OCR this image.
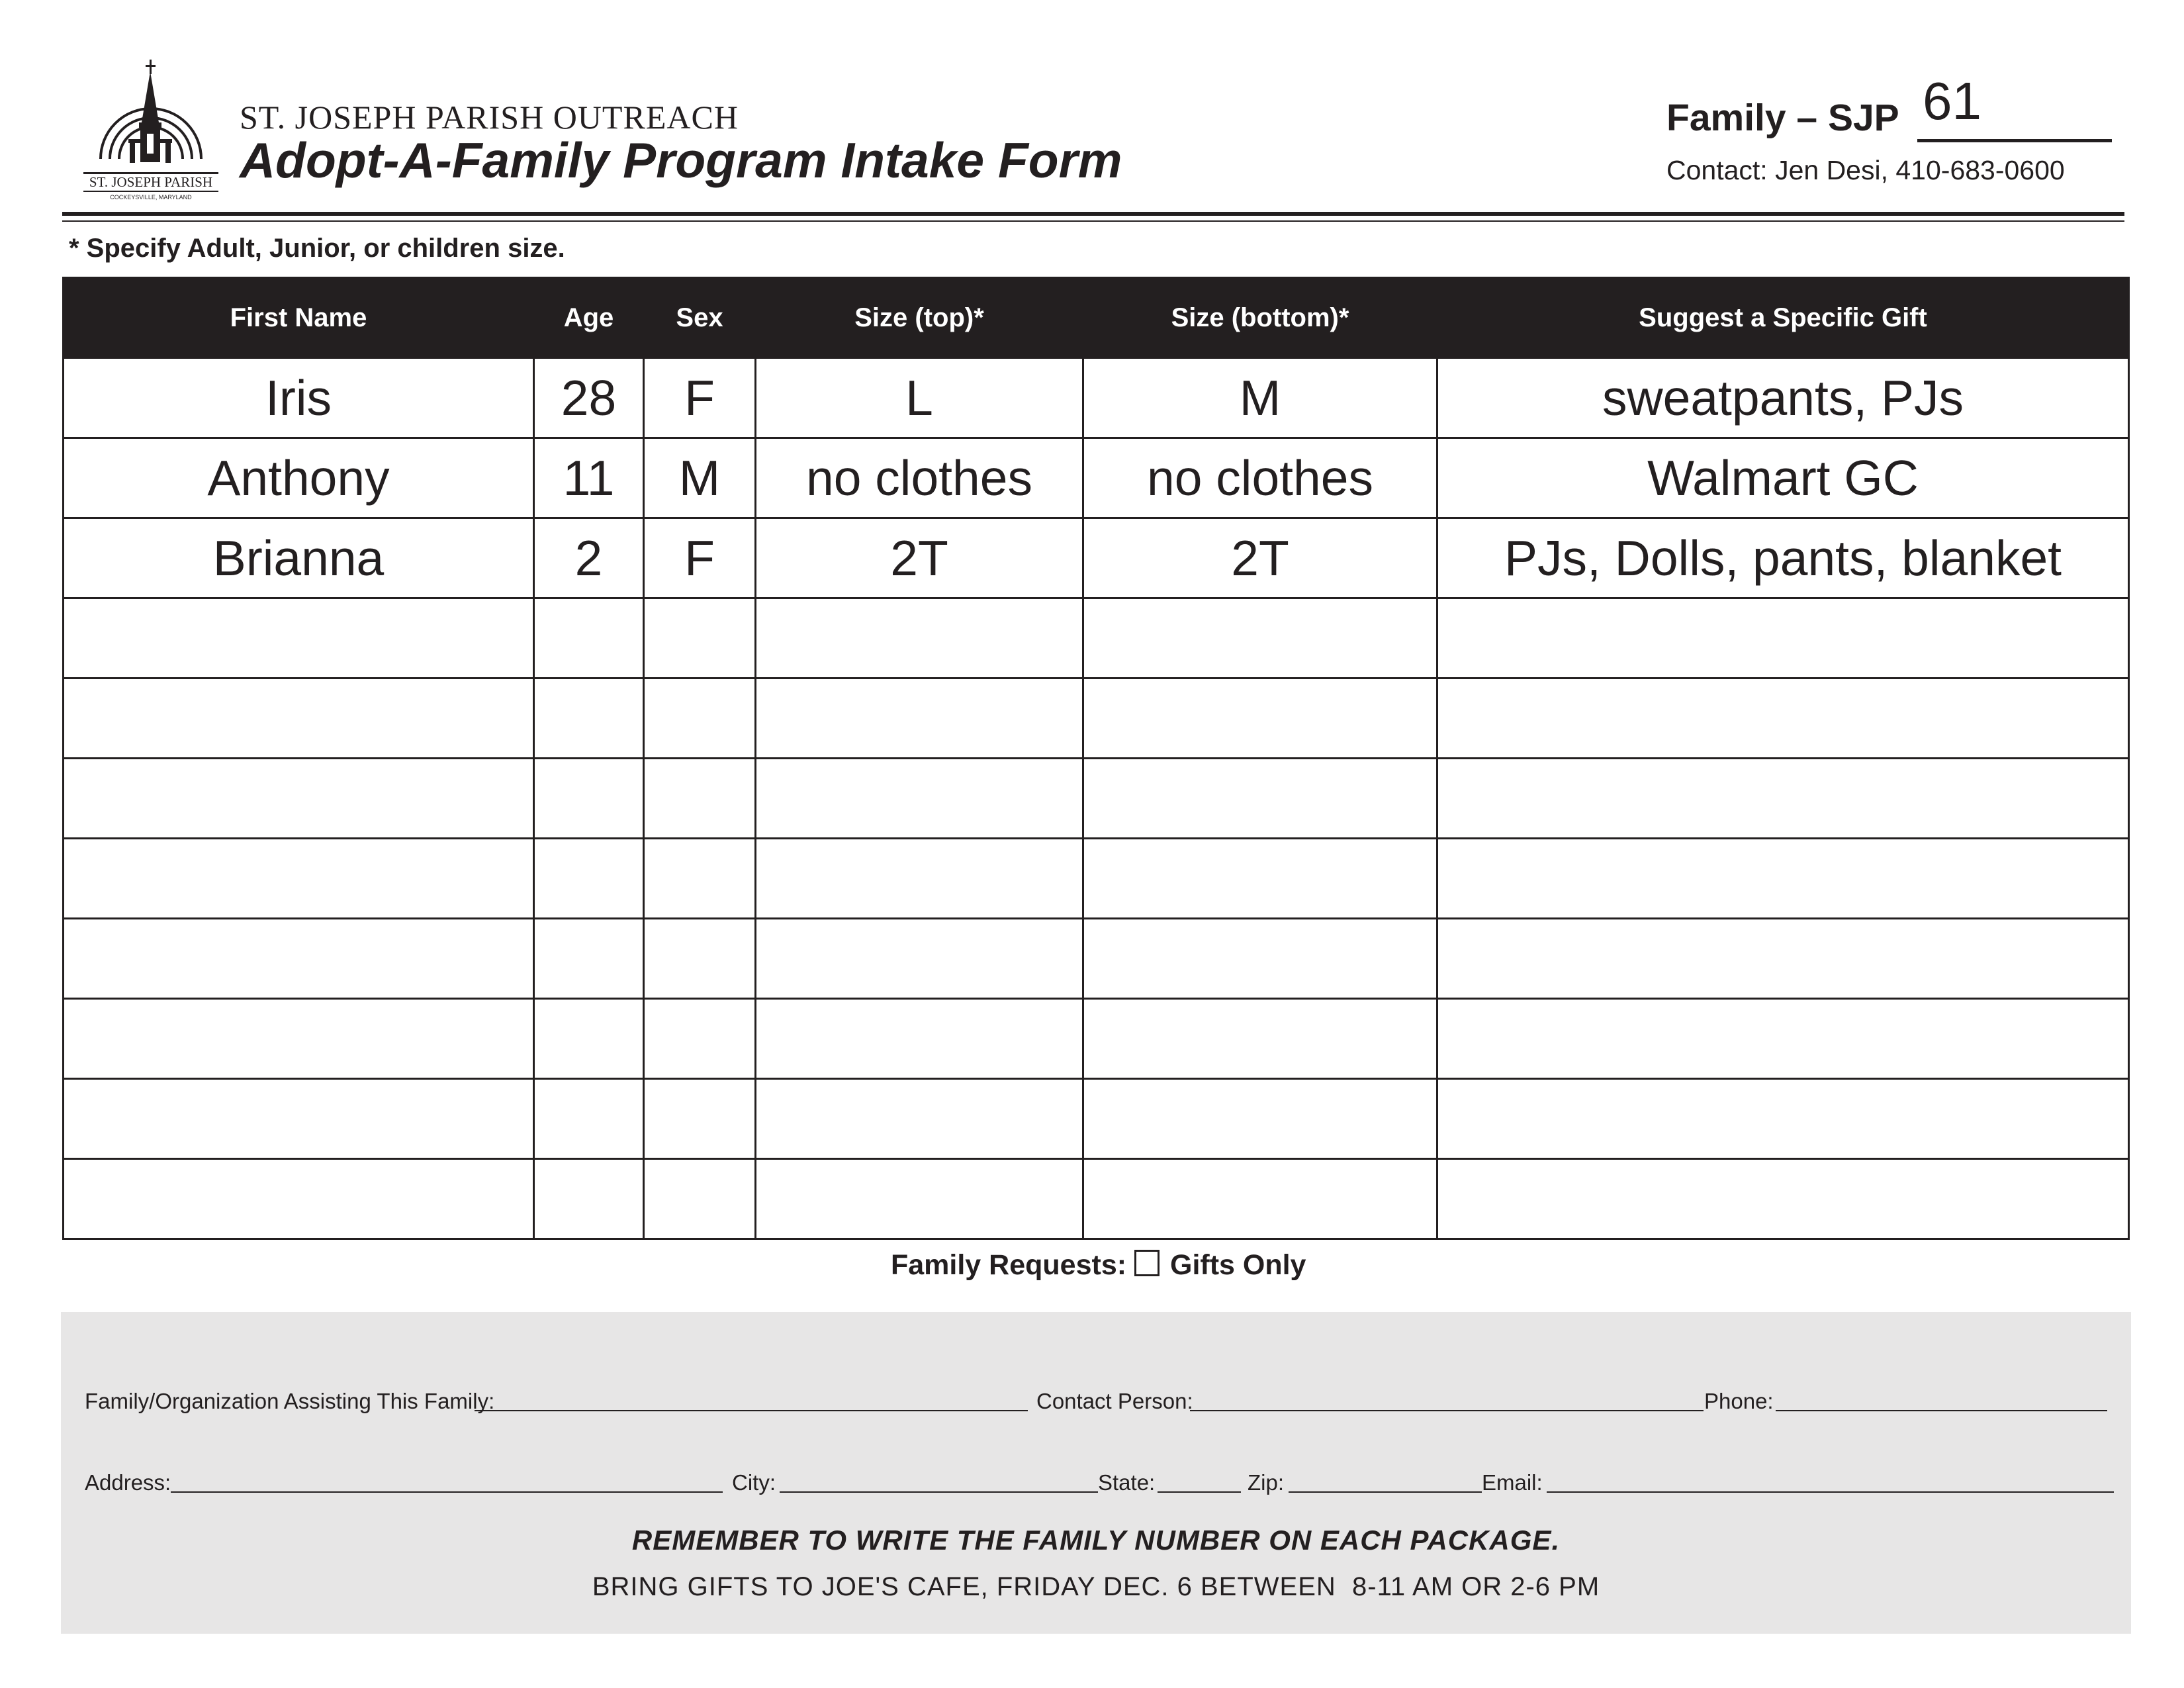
ST. JOSEPH PARISH
COCKEYSVILLE, MARYLAND
ST. JOSEPH PARISH OUTREACH
Adopt-A-Family Program Intake Form
Family – SJP 61
Contact: Jen Desi, 410-683-0600
* Specify Adult, Junior, or children size.
First Name	Age	Sex	Size (top)*	Size (bottom)*	Suggest a Specific Gift
Iris	28	F	L	M	sweatpants, PJs
Anthony	11	M	no clothes	no clothes	Walmart GC
Brianna	2	F	2T	2T	PJs, Dolls, pants, blanket

Family Requests: Gifts Only
Family/Organization Assisting This Family:	Contact Person:	Phone:
Address:	City:	State:	Zip:	Email:
REMEMBER TO WRITE THE FAMILY NUMBER ON EACH PACKAGE.
BRING GIFTS TO JOE'S CAFE, FRIDAY DEC. 6 BETWEEN  8-11 AM OR 2-6 PM
